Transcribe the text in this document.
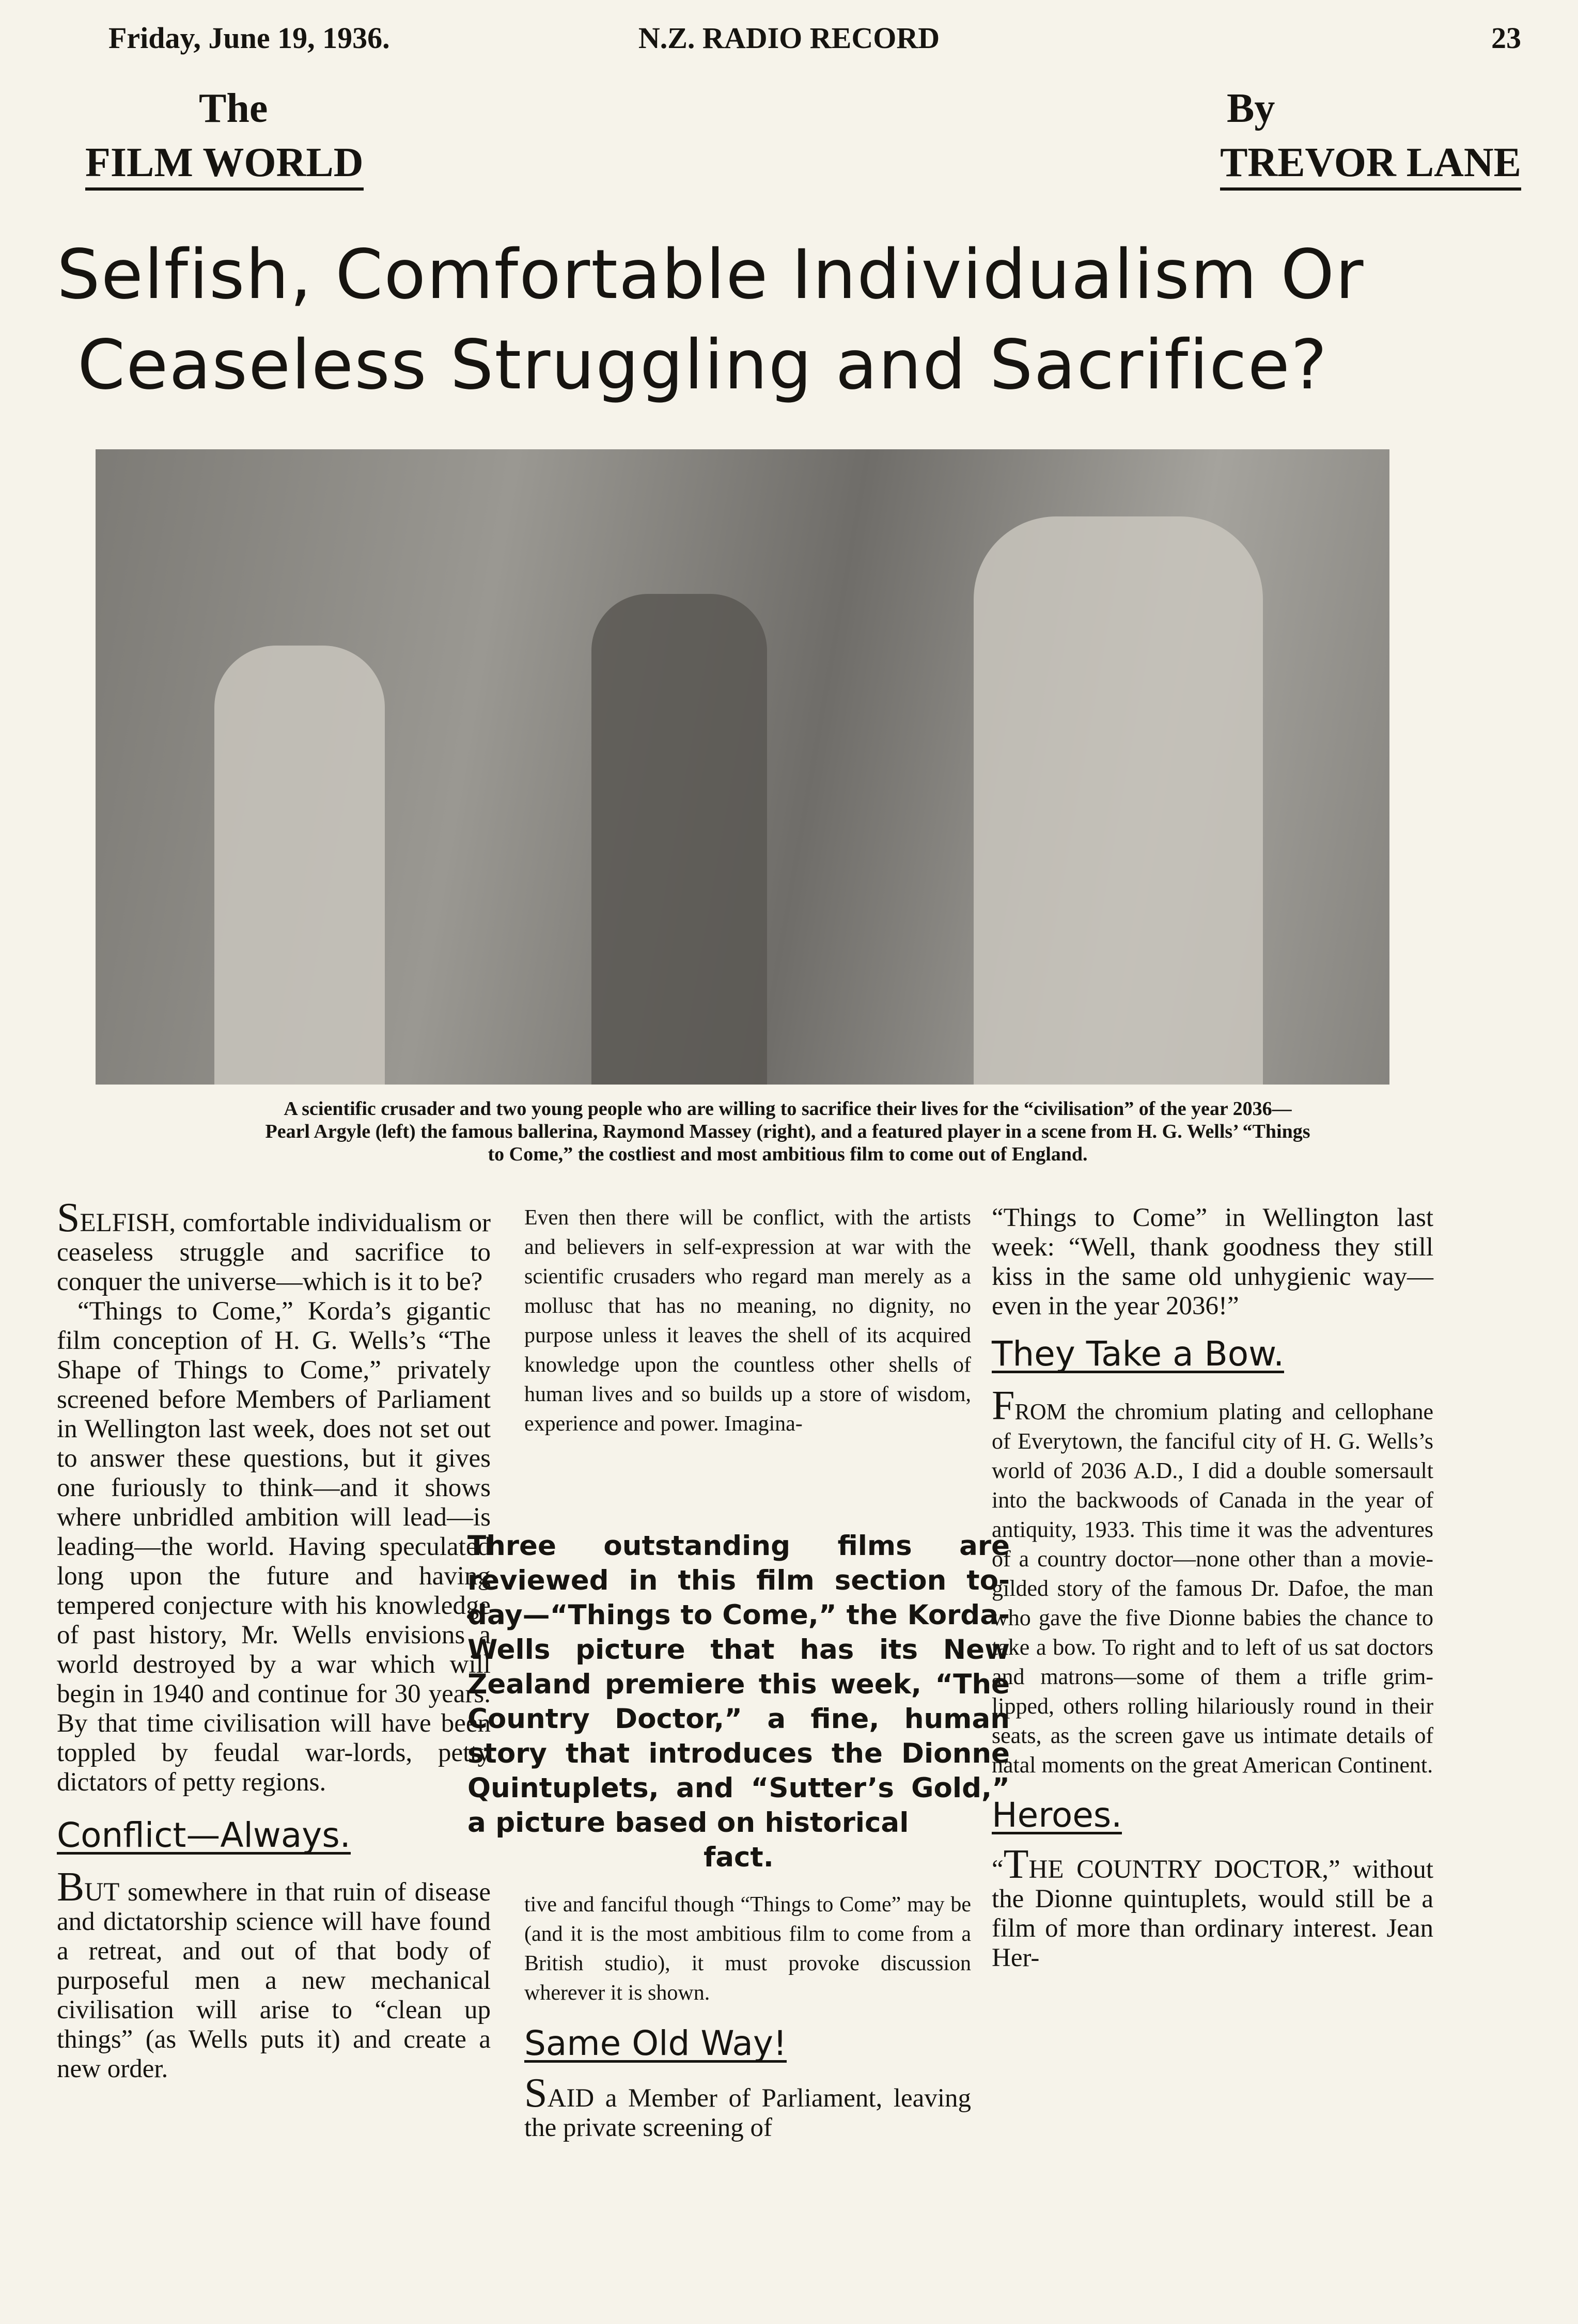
Friday, June 19, 1936.	N.Z. RADIO RECORD	23
The
FILM WORLD
By
TREVOR LANE
Selfish, Comfortable Individualism Or
Ceaseless Struggling and Sacrifice?
A scientific crusader and two young people who are willing to sacrifice their lives for the “civilisation” of the year 2036—
Pearl Argyle (left) the famous ballerina, Raymond Massey (right), and a featured player in a scene from H. G. Wells’ “Things
to Come,” the costliest and most ambitious film to come out of England.

SELFISH, comfortable individualism or ceaseless struggle and sacrifice to conquer the universe—which is it to be?

“Things to Come,” Korda’s gigantic film conception of H. G. Wells’s “The Shape of Things to Come,” privately screened before Members of Parliament in Wellington last week, does not set out to answer these questions, but it gives one furiously to think—and it shows where unbridled ambition will lead—is leading—the world. Having speculated long upon the future and having tempered conjecture with his knowledge of past history, Mr. Wells envisions a world destroyed by a war which will begin in 1940 and continue for 30 years. By that time civilisation will have been toppled by feudal war-lords, petty dictators of petty regions.

Conflict—Always.

BUT somewhere in that ruin of disease and dictatorship science will have found a retreat, and out of that body of purposeful men a new mechanical civilisation will arise to “clean up things” (as Wells puts it) and create a new order.

Even then there will be conflict, with the artists and believers in self-expression at war with the scientific crusaders who regard man merely as a mollusc that has no meaning, no dignity, no purpose unless it leaves the shell of its acquired knowledge upon the countless other shells of human lives and so builds up a store of wisdom, experience and power. Imagina-

Three outstanding films are reviewed in this film section to-day—“Things to Come,” the Korda-Wells picture that has its New Zealand premiere this week, “The Country Doctor,” a fine, human story that introduces the Dionne Quintuplets, and “Sutter’s Gold,” a picture based on historical
fact.

tive and fanciful though “Things to Come” may be (and it is the most ambitious film to come from a British studio), it must provoke discussion wherever it is shown.

Same Old Way!

SAID a Member of Parliament, leaving the private screening of

“Things to Come” in Wellington last week: “Well, thank goodness they still kiss in the same old unhygienic way—even in the year 2036!”

They Take a Bow.

FROM the chromium plating and cellophane of Everytown, the fanciful city of H. G. Wells’s world of 2036 A.D., I did a double somersault into the backwoods of Canada in the year of antiquity, 1933. This time it was the adventures of a country doctor—none other than a movie-gilded story of the famous Dr. Dafoe, the man who gave the five Dionne babies the chance to take a bow. To right and to left of us sat doctors and matrons—some of them a trifle grim-lipped, others rolling hilariously round in their seats, as the screen gave us intimate details of natal moments on the great American Continent.

Heroes.

“THE COUNTRY DOCTOR,” without the Dionne quintuplets, would still be a film of more than ordinary interest. Jean Her-
